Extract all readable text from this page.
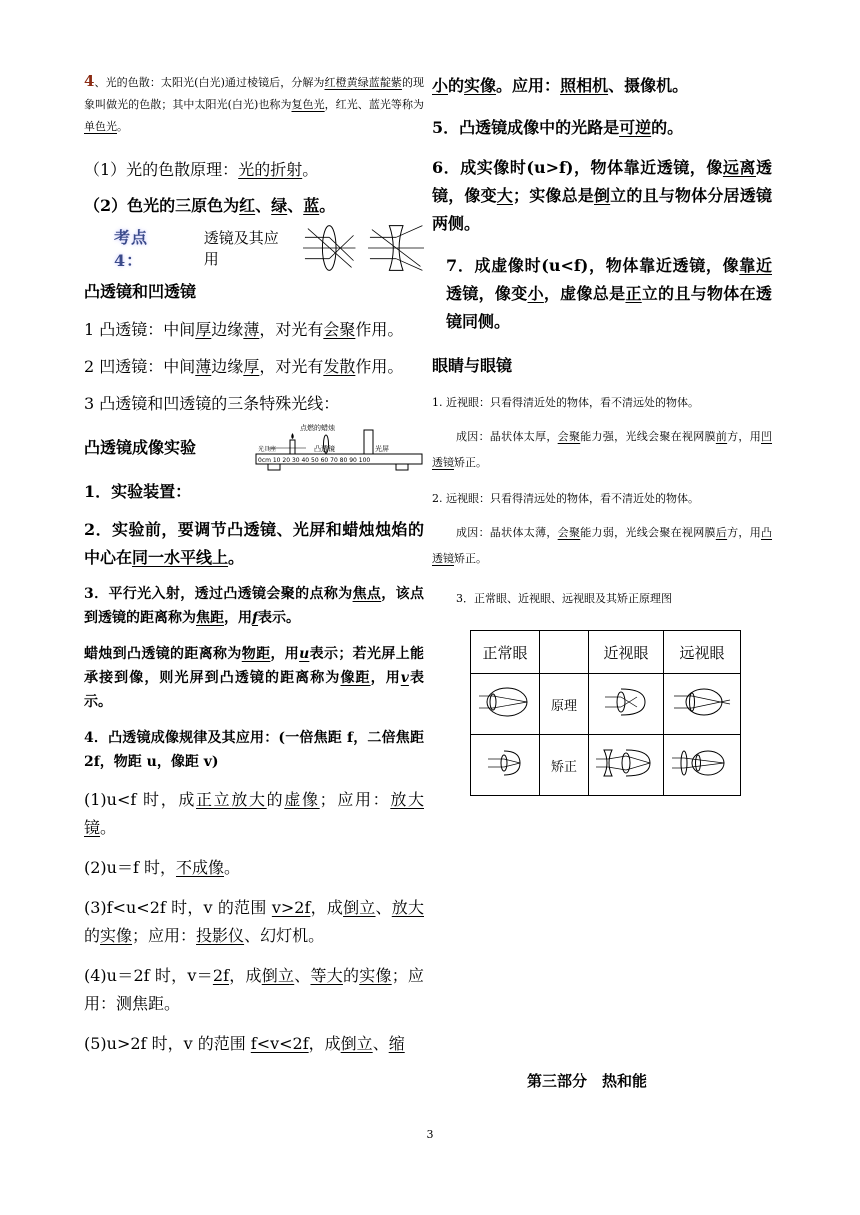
4、光的色散：太阳光(白光)通过棱镜后，分解为红橙黄绿蓝靛紫的现象叫做光的色散；其中太阳光(白光)也称为复色光，红光、蓝光等称为单色光。

（1）光的色散原理：光的折射。

（2）色光的三原色为红、绿、蓝。

考点 4：
透镜及其应用

凸透镜和凹透镜

1 凸透镜：中间厚边缘薄，对光有会聚作用。

2 凹透镜：中间薄边缘厚，对光有发散作用。

3 凸透镜和凹透镜的三条特殊光线：

凸透镜成像实验
点燃的蜡烛
凸透镜	光屏
光具座
0cm 10 20 30 40 50 60 70 80 90 100

1．实验装置：

2．实验前，要调节凸透镜、光屏和蜡烛烛焰的中心在同一水平线上。

3．平行光入射，透过凸透镜会聚的点称为焦点，该点到透镜的距离称为焦距，用f表示。

蜡烛到凸透镜的距离称为物距，用u表示；若光屏上能承接到像，则光屏到凸透镜的距离称为像距，用v表示。

4．凸透镜成像规律及其应用：(一倍焦距 f，二倍焦距 2f，物距 u，像距 v)

(1)u<f 时，成正立放大的虚像；应用：放大镜。

(2)u＝f 时，不成像。

(3)f<u<2f 时，v 的范围 v>2f，成倒立、放大的实像；应用：投影仪、幻灯机。

(4)u＝2f 时，v＝2f，成倒立、等大的实像；应用：测焦距。

(5)u>2f 时，v 的范围 f<v<2f，成倒立、缩

小的实像。应用：照相机、摄像机。

5．凸透镜成像中的光路是可逆的。

6．成实像时(u>f)，物体靠近透镜，像远离透镜，像变大；实像总是倒立的且与物体分居透镜两侧。

7．成虚像时(u<f)，物体靠近透镜，像靠近透镜，像变小，虚像总是正立的且与物体在透镜同侧。

眼睛与眼镜

1. 近视眼：只看得清近处的物体，看不清远处的物体。

成因：晶状体太厚，会聚能力强，光线会聚在视网膜前方，用凹透镜矫正。

2. 远视眼：只看得清远处的物体，看不清近处的物体。

成因：晶状体太薄，会聚能力弱，光线会聚在视网膜后方，用凸透镜矫正。

3．正常眼、近视眼、远视眼及其矫正原理图

正常眼		近视眼	远视眼
	原理		
	矫正		
第三部分　热和能
3
